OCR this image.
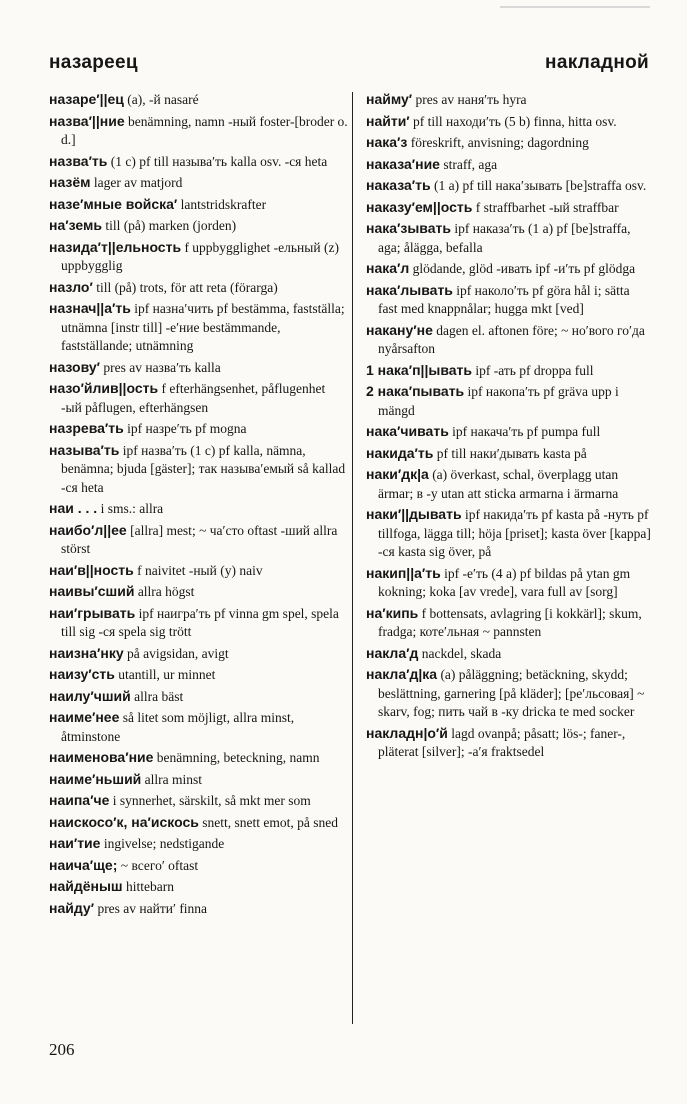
назареец	накладной
назаре′||ец (a), -й nasaré
назва′||ние benämning, namn -ный foster-[broder o. d.]
назва′ть (1 c) pf till называ′ть kalla osv. -ся heta
назём lager av matjord
назе′мные войска′ lantstridskrafter
на′земь till (på) marken (jorden)
назида′т||ельность f uppbygglighet -ельный (z) uppbygglig
назло′ till (på) trots, för att reta (förarga)
назнач||а′ть ipf назна′чить pf bestämma, fastställa; utnämna [instr till] -е′ние bestämmande, fastställande; utnämning
назову′ pres av назва′ть kalla
назо′йлив||ость f efterhängsenhet, påflugenhet -ый påflugen, efterhängsen
назрева′ть ipf назре′ть pf mogna
называ′ть ipf назва′ть (1 c) pf kalla, nämna, benämna; bjuda [gäster]; так называ′емый så kallad -ся heta
наи . . . i sms.: allra
наибо′л||ее [allra] mest; ~ ча′сто oftast -ший allra störst
наи′в||ность f naivitet -ный (y) naiv
наивы′сший allra högst
наи′грывать ipf наигра′ть pf vinna gm spel, spela till sig -ся spela sig trött
наизна′нку på avigsidan, avigt
наизу′сть utantill, ur minnet
наилу′чший allra bäst
наиме′нее så litet som möjligt, allra minst, åtminstone
наименова′ние benämning, beteckning, namn
наиме′ньший allra minst
наипа′че i synnerhet, särskilt, så mkt mer som
наискосо′к, на′искось snett, snett emot, på sned
наи′тие ingivelse; nedstigande
наича′ще; ~ всего′ oftast
найдёныш hittebarn
найду′ pres av найти′ finna
найму′ pres av наня′ть hyra
найти′ pf till находи′ть (5 b) finna, hitta osv.
нака′з föreskrift, anvisning; dagordning
наказа′ние straff, aga
наказа′ть (1 a) pf till нака′зывать [be]straffa osv.
наказу′ем||ость f straffbarhet -ый straffbar
нака′зывать ipf наказа′ть (1 a) pf [be]straffa, aga; ålägga, befalla
нака′л glödande, glöd -ивать ipf -и′ть pf glödga
нака′лывать ipf наколо′ть pf göra hål i; sätta fast med knappnålar; hugga mkt [ved]
накану′не dagen el. aftonen före; ~ но′вого го′да nyårsafton
1 нака′п||ывать ipf -ать pf droppa full
2 нака′пывать ipf накопа′ть pf gräva upp i mängd
нака′чивать ipf накача′ть pf pumpa full
накида′ть pf till наки′дывать kasta på
наки′дк|а (a) överkast, schal, överplagg utan ärmar; в -у utan att sticka armarna i ärmarna
наки′||дывать ipf накида′ть pf kasta på -нуть pf tillfoga, lägga till; höja [priset]; kasta över [kappa] -ся kasta sig över, på
накип||а′ть ipf -е′ть (4 a) pf bildas på ytan gm kokning; koka [av vrede], vara full av [sorg]
на′кипь f bottensats, avlagring [i kokkärl]; skum, fradga; коте′льная ~ pannsten
накла′д nackdel, skada
накла′д|ка (a) påläggning; betäckning, skydd; beslättning, garnering [på kläder]; [ре′льсовая] ~ skarv, fog; пить чай в -ку dricka te med socker
накладн|о′й lagd ovanpå; påsatt; lös-; faner-, pläterat [silver]; -а′я fraktsedel
206
